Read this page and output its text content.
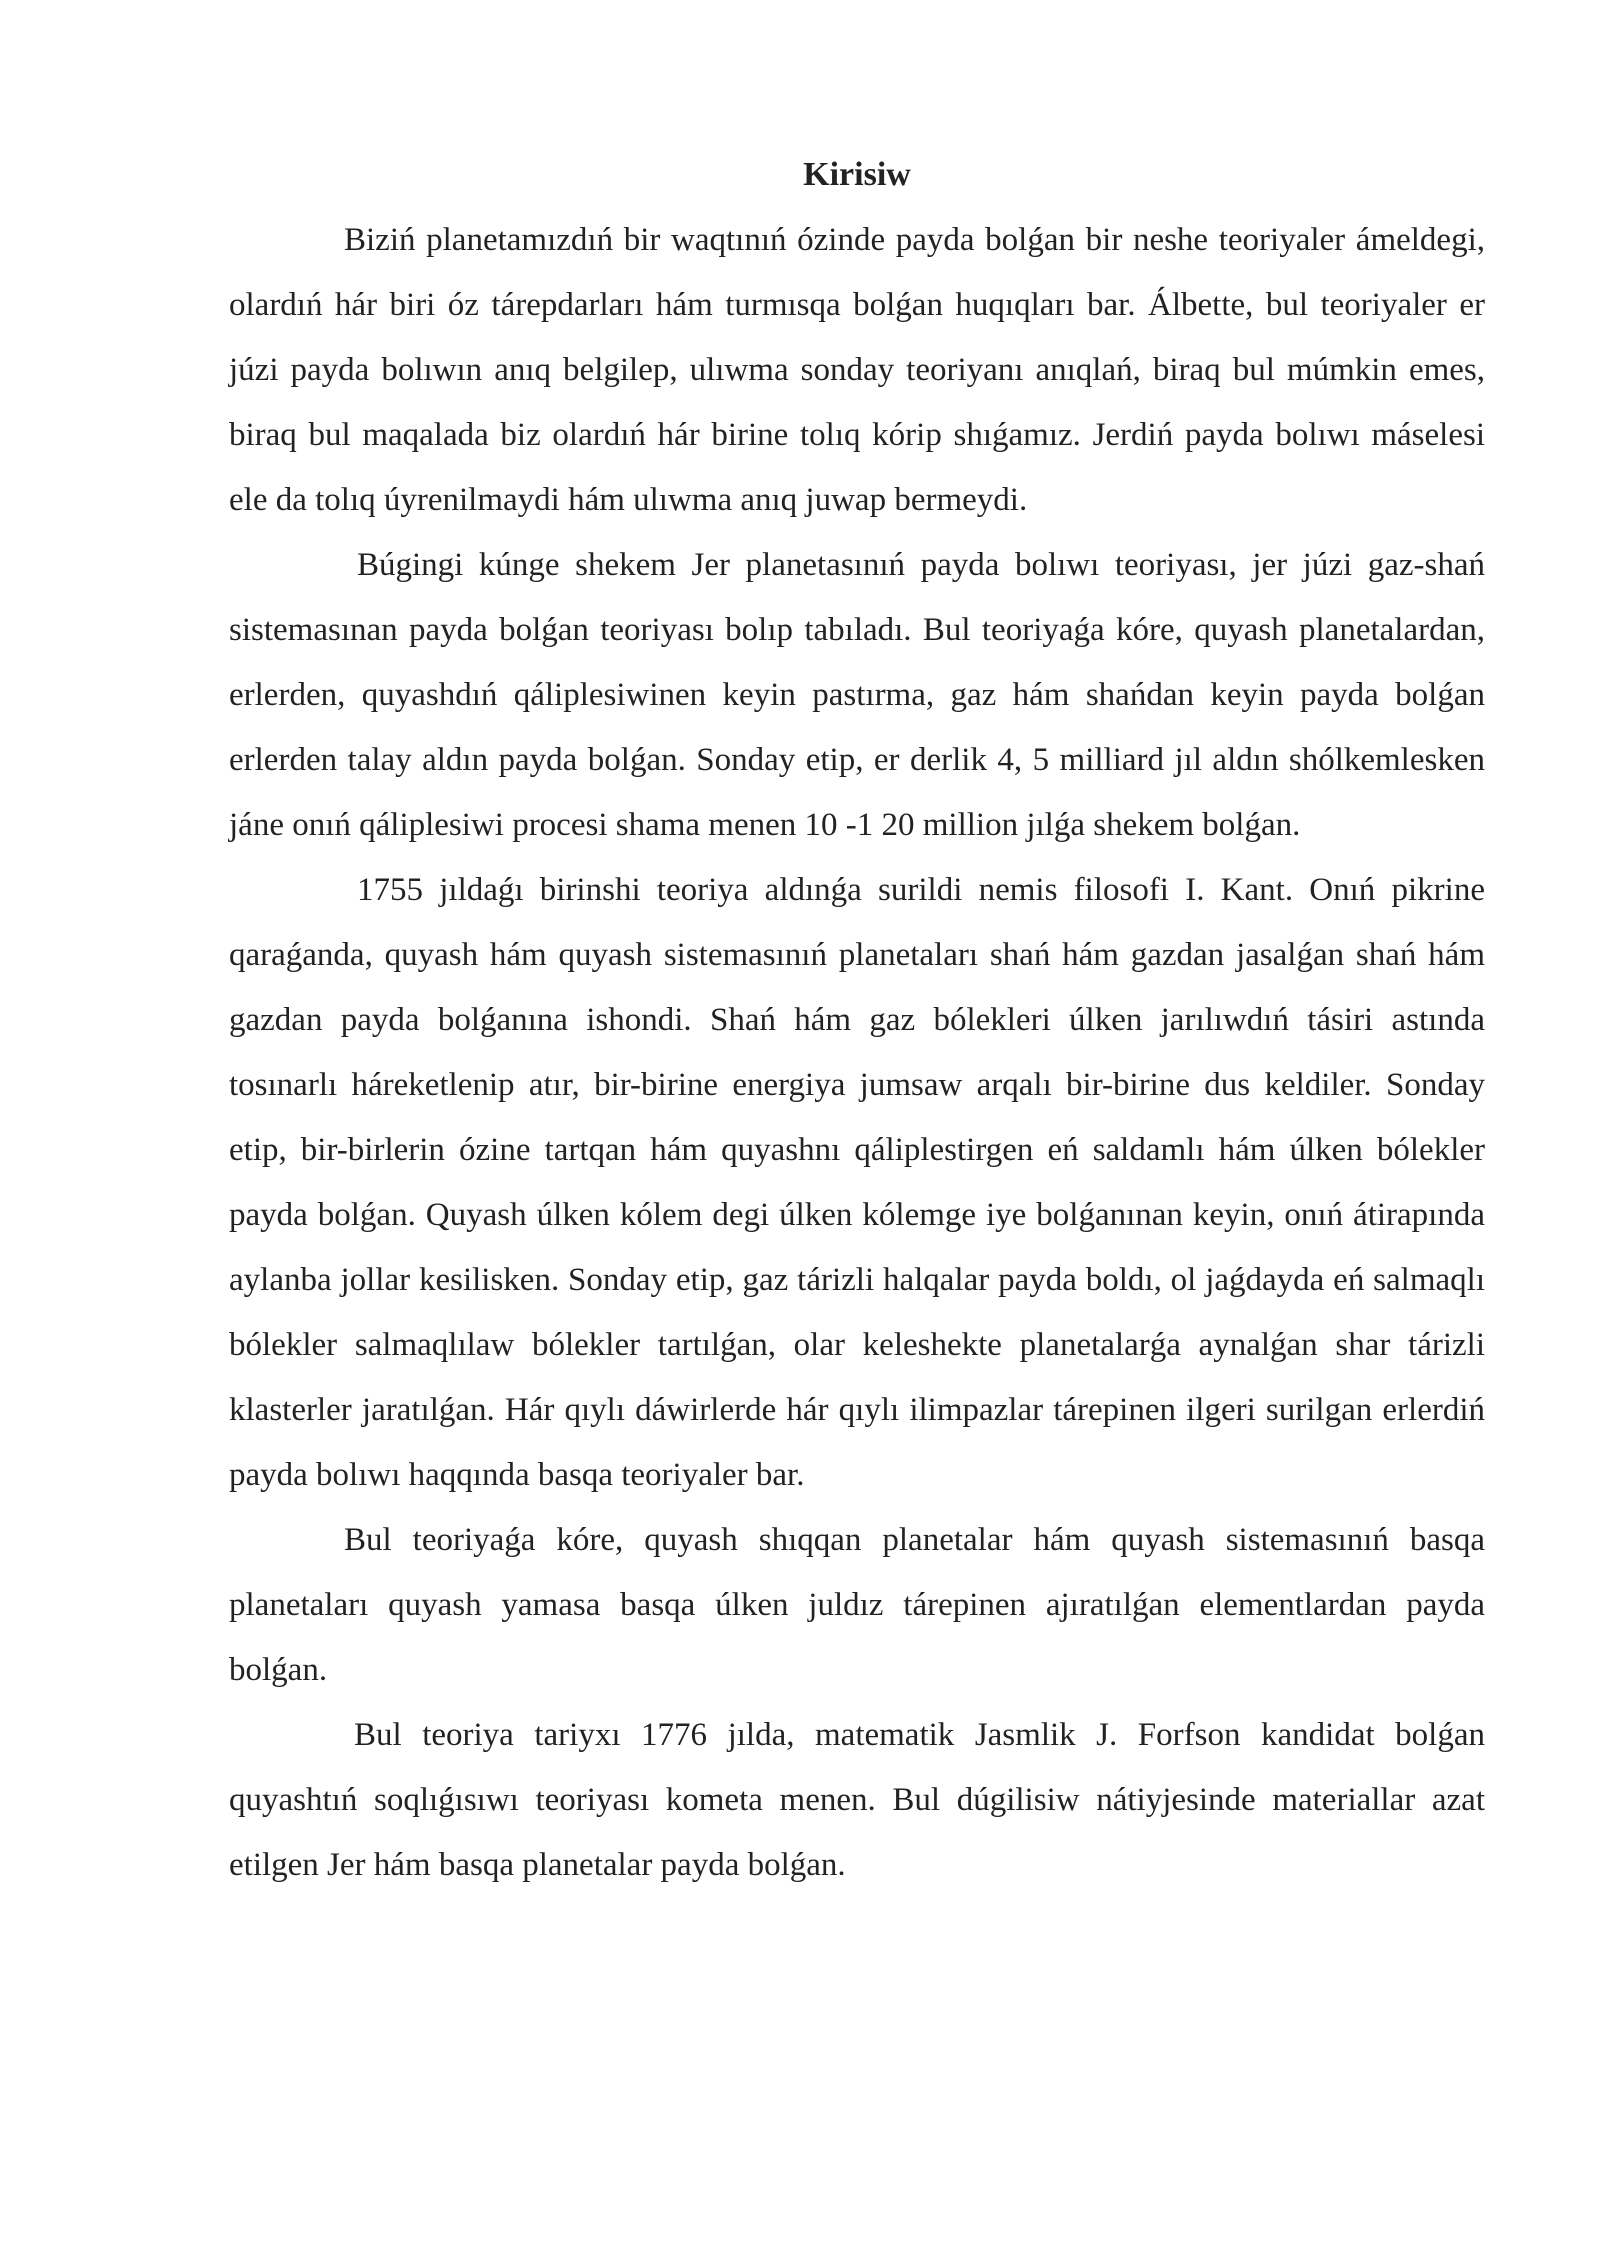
Kirisiw

Biziń planetamızdıń bir waqtınıń ózinde payda bolǵan bir neshe teoriyaler ámeldegi, olardıń hár biri óz tárepdarları hám turmısqa bolǵan huqıqları bar. Álbette, bul teoriyaler er júzi payda bolıwın anıq belgilep, ulıwma sonday teoriyanı anıqlań, biraq bul múmkin emes, biraq bul maqalada biz olardıń hár birine tolıq kórip shıǵamız. Jerdiń payda bolıwı máselesi ele da tolıq úyrenilmaydi hám ulıwma anıq juwap bermeydi.

Búgingi kúnge shekem Jer planetasınıń payda bolıwı teoriyası, jer júzi gaz-shań sistemasınan payda bolǵan teoriyası bolıp tabıladı. Bul teoriyaǵa kóre, quyash planetalardan, erlerden, quyashdıń qáliplesiwinen keyin pastırma, gaz hám shańdan keyin payda bolǵan erlerden talay aldın payda bolǵan. Sonday etip, er derlik 4, 5 milliard jıl aldın shólkemlesken jáne onıń qáliplesiwi procesi shama menen 10 -1 20 million jılǵa shekem bolǵan.

1755 jıldaǵı birinshi teoriya aldınǵa surildi nemis filosofi I. Kant. Onıń pikrine qaraǵanda, quyash hám quyash sistemasınıń planetaları shań hám gazdan jasalǵan shań hám gazdan payda bolǵanına ishondi. Shań hám gaz bólekleri úlken jarılıwdıń tásiri astında tosınarlı háreketlenip atır, bir-birine energiya jumsaw arqalı bir-birine dus keldiler. Sonday etip, bir-birlerin ózine tartqan hám quyashnı qáliplestirgen eń saldamlı hám úlken bólekler payda bolǵan. Quyash úlken kólem degi úlken kólemge iye bolǵanınan keyin, onıń átirapında aylanba jollar kesilisken. Sonday etip, gaz tárizli halqalar payda boldı, ol jaǵdayda eń salmaqlı bólekler salmaqlılaw bólekler tartılǵan, olar keleshekte planetalarǵa aynalǵan shar tárizli klasterler jaratılǵan. Hár qıylı dáwirlerde hár qıylı ilimpazlar tárepinen ilgeri surilgan erlerdiń payda bolıwı haqqında basqa teoriyaler bar.

Bul teoriyaǵa kóre, quyash shıqqan planetalar hám quyash sistemasınıń basqa planetaları quyash yamasa basqa úlken juldız tárepinen ajıratılǵan elementlardan payda bolǵan.

Bul teoriya tariyxı 1776 jılda, matematik Jasmlik J. Forfson kandidat bolǵan quyashtıń soqlıǵısıwı teoriyası kometa menen. Bul dúgilisiw nátiyjesinde materiallar azat etilgen Jer hám basqa planetalar payda bolǵan.
